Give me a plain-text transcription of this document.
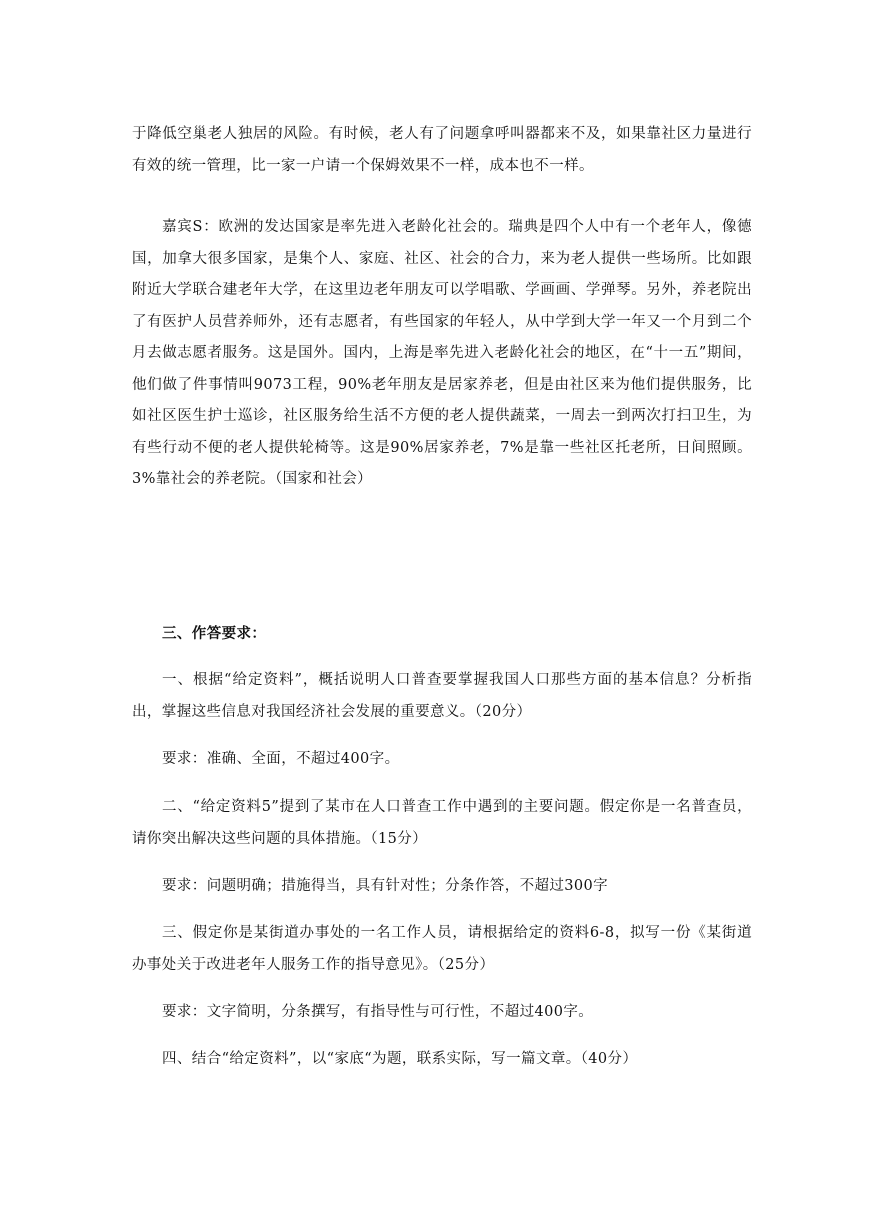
于降低空巢老人独居的风险。有时候，老人有了问题拿呼叫器都来不及，如果靠社区力量进行有效的统一管理，比一家一户请一个保姆效果不一样，成本也不一样。

嘉宾S：欧洲的发达国家是率先进入老龄化社会的。瑞典是四个人中有一个老年人，像德国，加拿大很多国家，是集个人、家庭、社区、社会的合力，来为老人提供一些场所。比如跟附近大学联合建老年大学，在这里边老年朋友可以学唱歌、学画画、学弹琴。另外，养老院出了有医护人员营养师外，还有志愿者，有些国家的年轻人，从中学到大学一年又一个月到二个月去做志愿者服务。这是国外。国内，上海是率先进入老龄化社会的地区，在“十一五”期间，他们做了件事情叫9073工程，90%老年朋友是居家养老，但是由社区来为他们提供服务，比如社区医生护士巡诊，社区服务给生活不方便的老人提供蔬菜，一周去一到两次打扫卫生，为有些行动不便的老人提供轮椅等。这是90%居家养老，7%是靠一些社区托老所，日间照顾。3%靠社会的养老院。（国家和社会）

三、作答要求：

一、根据“给定资料”，概括说明人口普查要掌握我国人口那些方面的基本信息？分析指出，掌握这些信息对我国经济社会发展的重要意义。（20分）

要求：准确、全面，不超过400字。

二、“给定资料5”提到了某市在人口普查工作中遇到的主要问题。假定你是一名普查员，请你突出解决这些问题的具体措施。（15分）

要求：问题明确；措施得当，具有针对性；分条作答，不超过300字

三、假定你是某街道办事处的一名工作人员，请根据给定的资料6-8，拟写一份《某街道办事处关于改进老年人服务工作的指导意见》。（25分）

要求：文字简明，分条撰写，有指导性与可行性，不超过400字。

四、结合“给定资料”，以“家底“为题，联系实际，写一篇文章。（40分）
